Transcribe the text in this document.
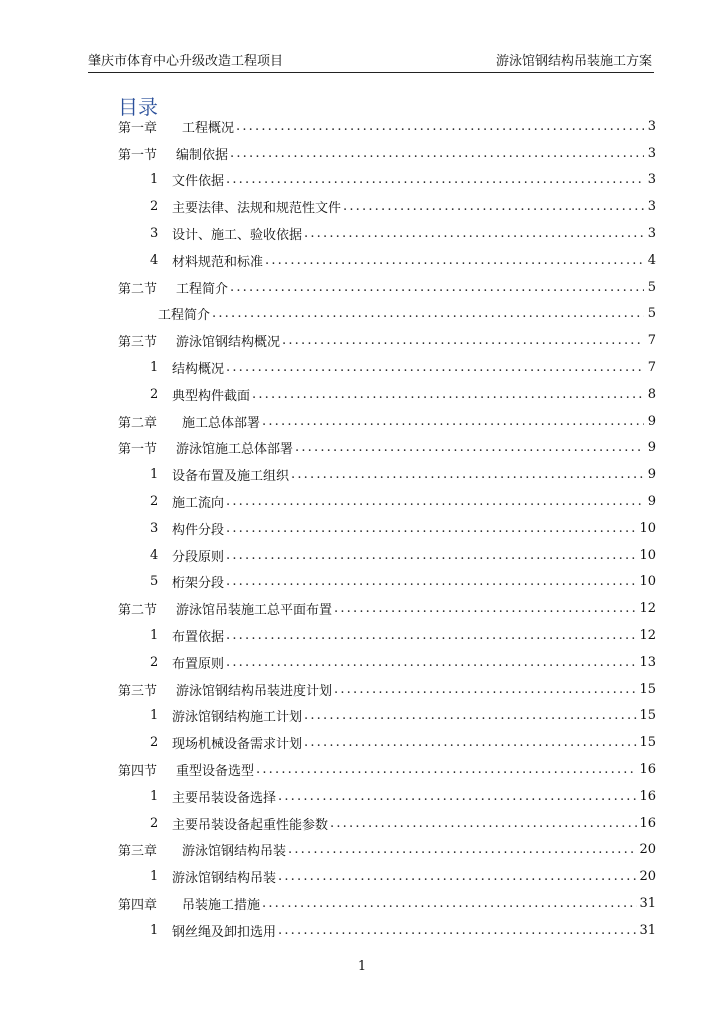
肇庆市体育中心升级改造工程项目	游泳馆钢结构吊装施工方案
目录
第一章	工程概况 .....	3
第一节	编制依据 .....	3
1	文件依据 .....	3
2	主要法律、法规和规范性文件 .....	3
3	设计、施工、验收依据 .....	3
4	材料规范和标准 .....	4
第二节	工程简介 .....	5
工程简介 .....	5
第三节	游泳馆钢结构概况 .....	7
1	结构概况 .....	7
2	典型构件截面 .....	8
第二章	施工总体部署 .....	9
第一节	游泳馆施工总体部署 .....	9
1	设备布置及施工组织 .....	9
2	施工流向 .....	9
3	构件分段 .....	10
4	分段原则 .....	10
5	桁架分段 .....	10
第二节	游泳馆吊装施工总平面布置 .....	12
1	布置依据 .....	12
2	布置原则 .....	13
第三节	游泳馆钢结构吊装进度计划 .....	15
1	游泳馆钢结构施工计划 .....	15
2	现场机械设备需求计划 .....	15
第四节	重型设备选型 .....	16
1	主要吊装设备选择 .....	16
2	主要吊装设备起重性能参数 .....	16
第三章	游泳馆钢结构吊装 .....	20
1	游泳馆钢结构吊装 .....	20
第四章	吊装施工措施 .....	31
1	钢丝绳及卸扣选用 .....	31
1
